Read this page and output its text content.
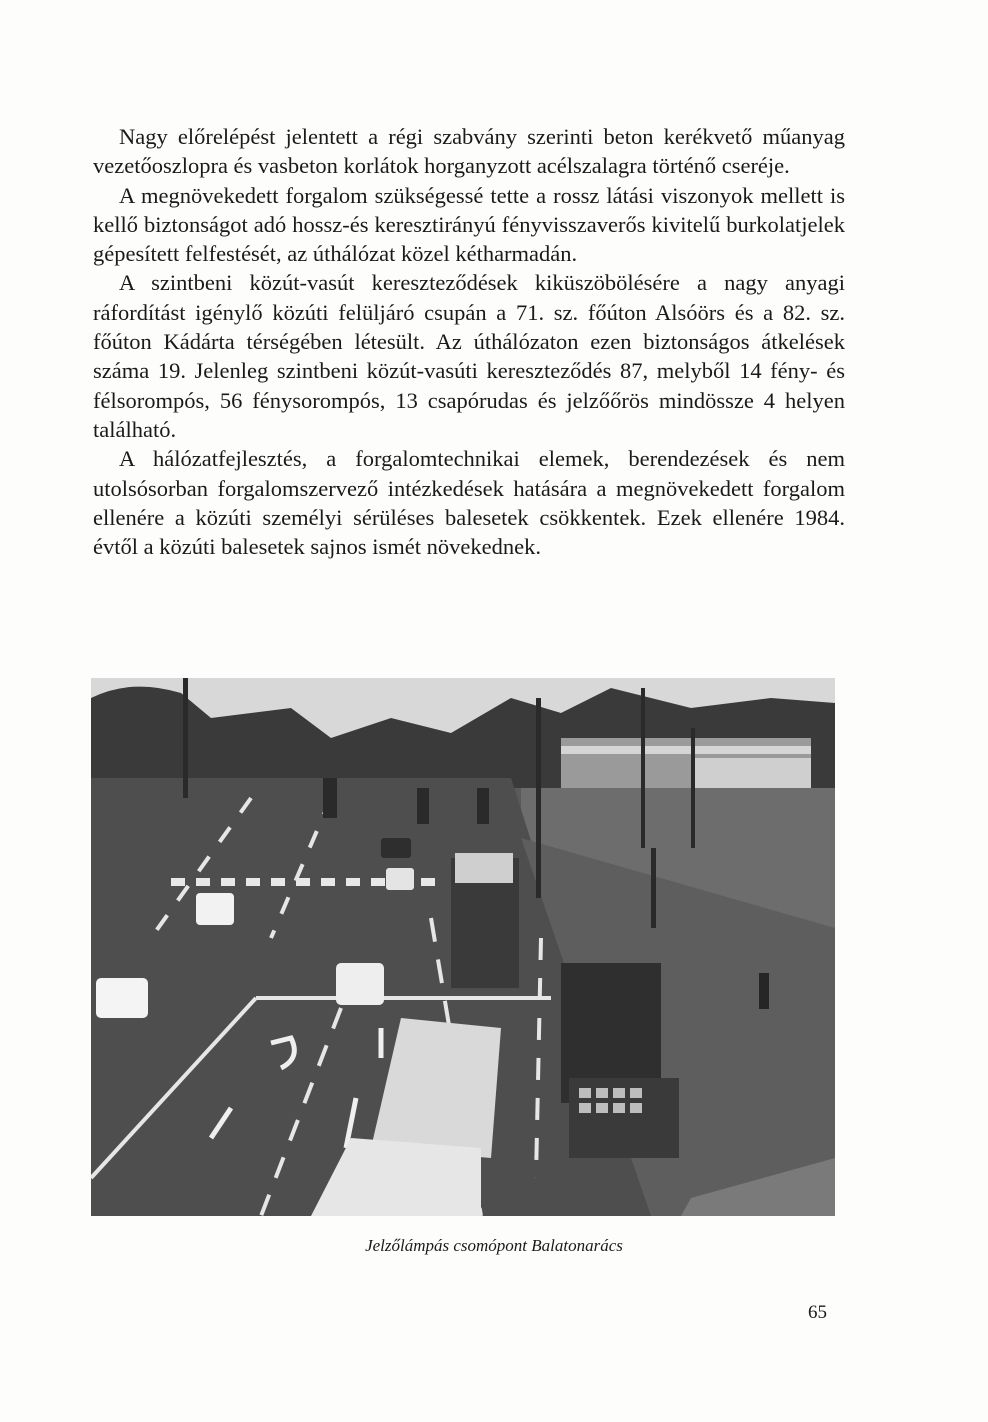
Nagy előrelépést jelentett a régi szabvány szerinti beton kerékvető műanyag vezetőoszlopra és vasbeton korlátok horganyzott acélszalagra történő cseréje.

A megnövekedett forgalom szükségessé tette a rossz látási viszonyok mellett is kellő biztonságot adó hossz-és keresztirányú fényvisszaverős kivitelű burkolatjelek gépesített felfestését, az úthálózat közel kétharmadán.

A szintbeni közút-vasút kereszteződések kiküszöbölésére a nagy anyagi ráfordítást igénylő közúti felüljáró csupán a 71. sz. főúton Alsóörs és a 82. sz. főúton Kádárta térségében létesült. Az úthálózaton ezen biztonságos átkelések száma 19. Jelenleg szintbeni közút-vasúti kereszteződés 87, melyből 14 fény- és félsorompós, 56 fénysorompós, 13 csapórudas és jelzőőrös mindössze 4 helyen található.

A hálózatfejlesztés, a forgalomtechnikai elemek, berendezések és nem utolsósorban forgalomszervező intézkedések hatására a megnövekedett forgalom ellenére a közúti személyi sérüléses balesetek csökkentek. Ezek ellenére 1984. évtől a közúti balesetek sajnos ismét növekednek.

Jelzőlámpás csomópont Balatonarács
65
